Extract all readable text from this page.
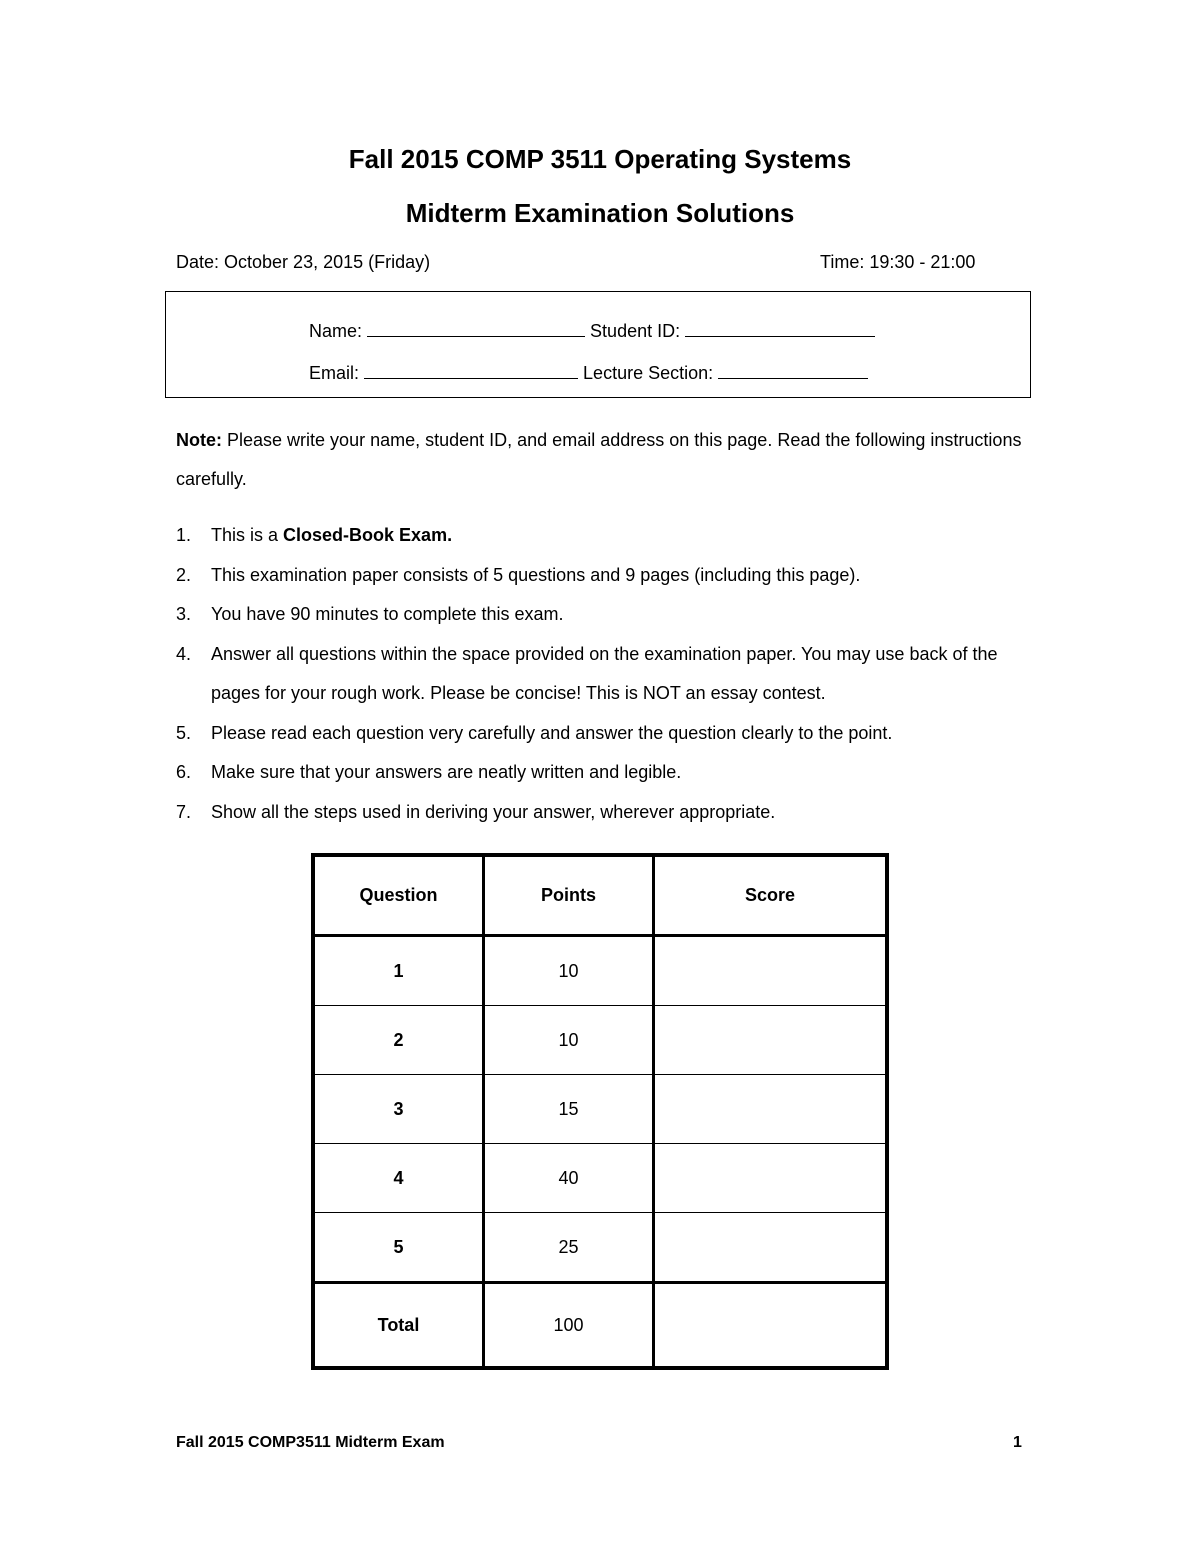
Fall 2015 COMP 3511 Operating Systems
Midterm Examination Solutions
Date: October 23, 2015 (Friday)	Time: 19:30 - 21:00
Name:	Student ID:
Email:	Lecture Section:
Note: Please write your name, student ID, and email address on this page. Read the following instructions carefully.
1. This is a Closed-Book Exam.
2. This examination paper consists of 5 questions and 9 pages (including this page).
3. You have 90 minutes to complete this exam.
4. Answer all questions within the space provided on the examination paper. You may use back of the pages for your rough work. Please be concise! This is NOT an essay contest.
5. Please read each question very carefully and answer the question clearly to the point.
6. Make sure that your answers are neatly written and legible.
7. Show all the steps used in deriving your answer, wherever appropriate.
Question	Points	Score
1	10	
2	10	
3	15	
4	40	
5	25	
Total	100	
Fall 2015 COMP3511 Midterm Exam	1
